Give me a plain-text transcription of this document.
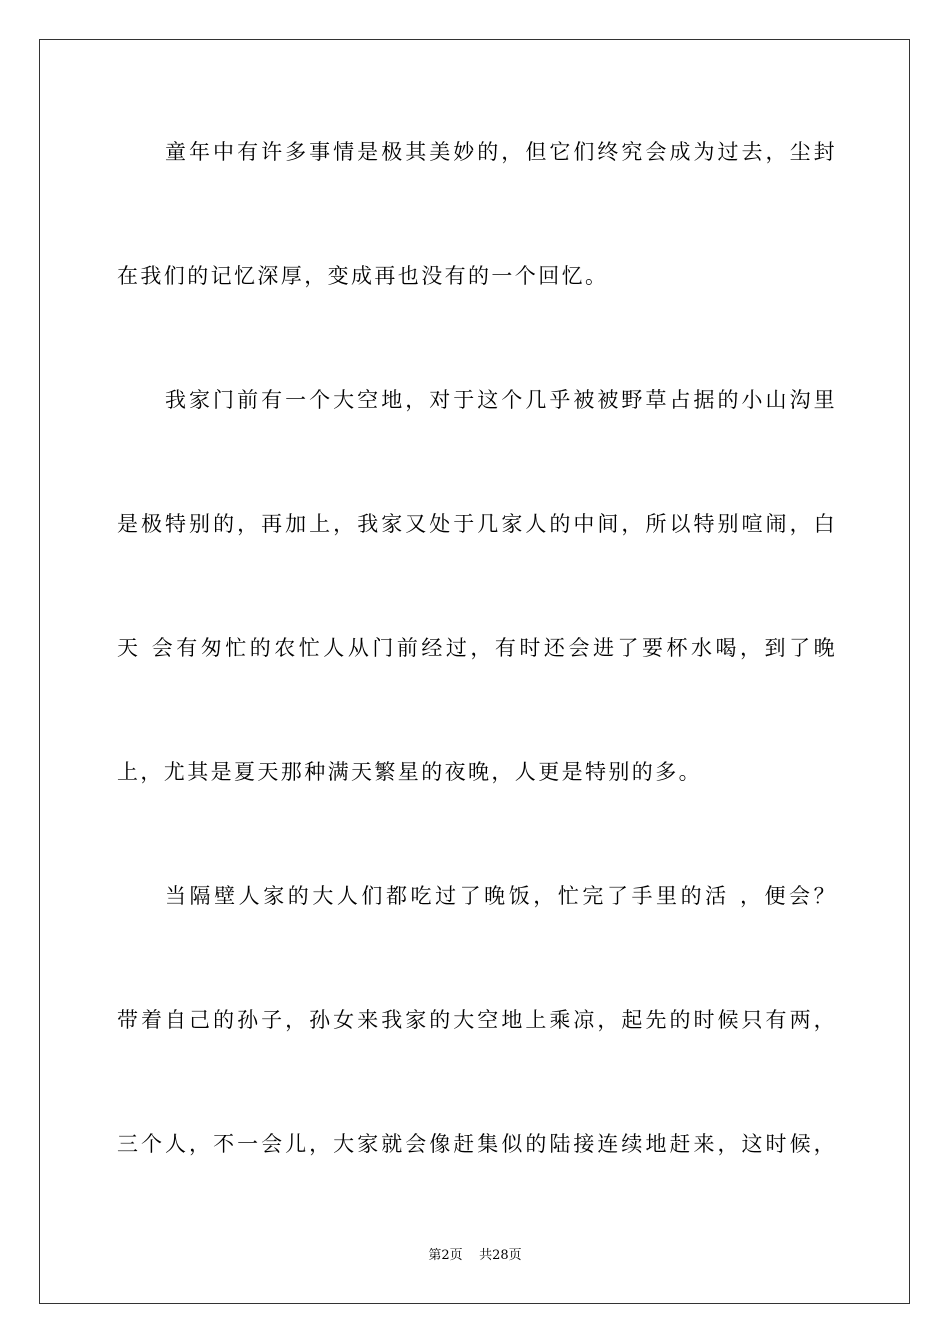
童年中有许多事情是极其美妙的，但它们终究会成为过去，尘封
在我们的记忆深厚，变成再也没有的一个回忆。
我家门前有一个大空地，对于这个几乎被被野草占据的小山沟里
是极特别的，再加上，我家又处于几家人的中间，所以特别喧闹，白
天 会有匆忙的农忙人从门前经过，有时还会进了要杯水喝，到了晚
上，尤其是夏天那种满天繁星的夜晚，人更是特别的多。
当隔壁人家的大人们都吃过了晚饭，忙完了手里的活 ，便会？
带着自己的孙子，孙女来我家的大空地上乘凉，起先的时候只有两，
三个人，不一会儿，大家就会像赶集似的陆接连续地赶来，这时候，
第2页    共28页
